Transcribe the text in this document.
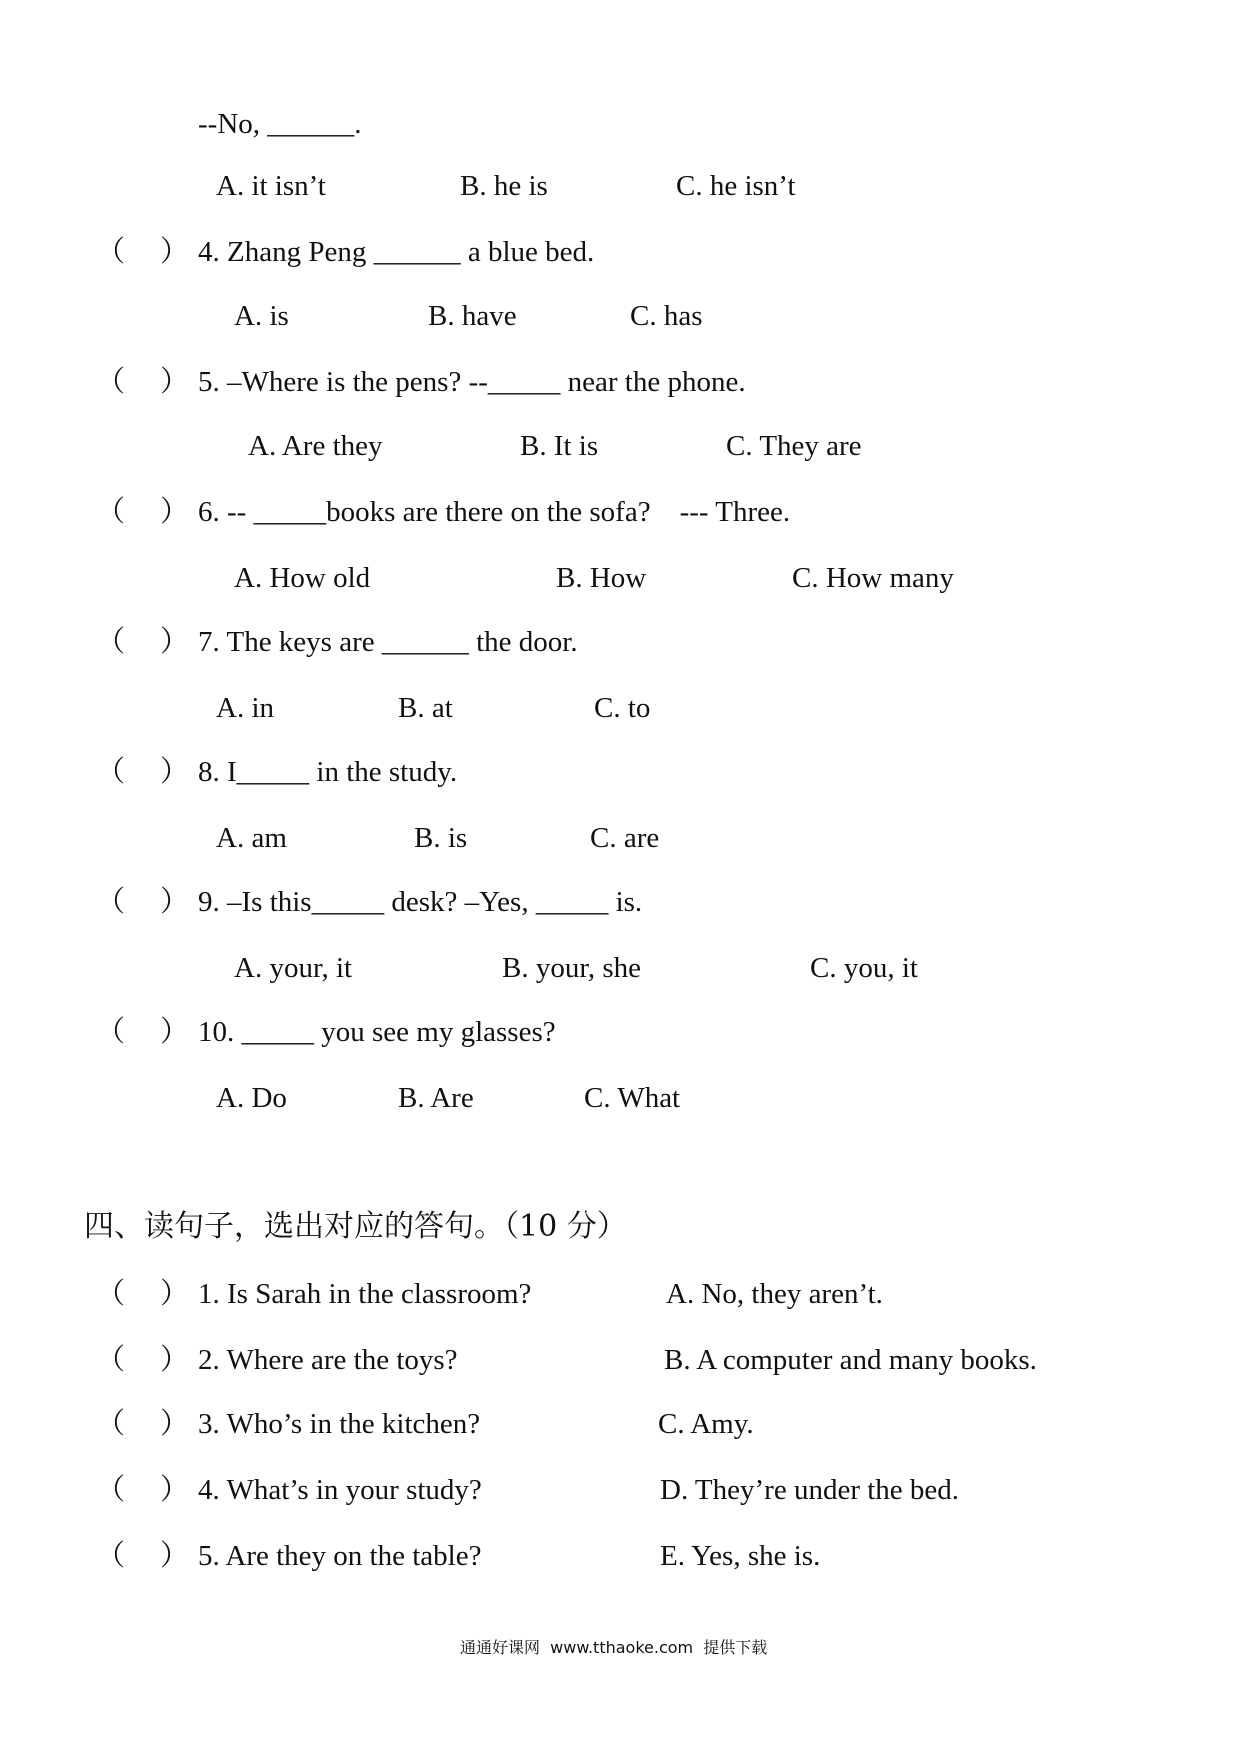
--No, ______.
A. it isn’t	B. he is	C. he isn’t
（ ） 4. Zhang Peng ______ a blue bed.
A. is	B. have	C. has
（ ） 5. –Where is the pens? --_____ near the phone.
A. Are they	B. It is	C. They are
（ ） 6. -- _____books are there on the sofa?    --- Three.
A. How old	B. How	C. How many
（ ） 7. The keys are ______ the door.
A. in	B. at	C. to
（ ） 8. I_____ in the study.
A. am	B. is	C. are
（ ） 9. –Is this_____ desk? –Yes, _____ is.
A. your, it	B. your, she	C. you, it
（ ） 10. _____ you see my glasses?
A. Do	B. Are	C. What
四、读句子，选出对应的答句。（10 分）
（ ） 1. Is Sarah in the classroom?	A. No, they aren’t.
（ ） 2. Where are the toys?	B. A computer and many books.
（ ） 3. Who’s in the kitchen?	C. Amy.
（ ） 4. What’s in your study?	D. They’re under the bed.
（ ） 5. Are they on the table?	E. Yes, she is.
通通好课网  www.tthaoke.com  提供下载
